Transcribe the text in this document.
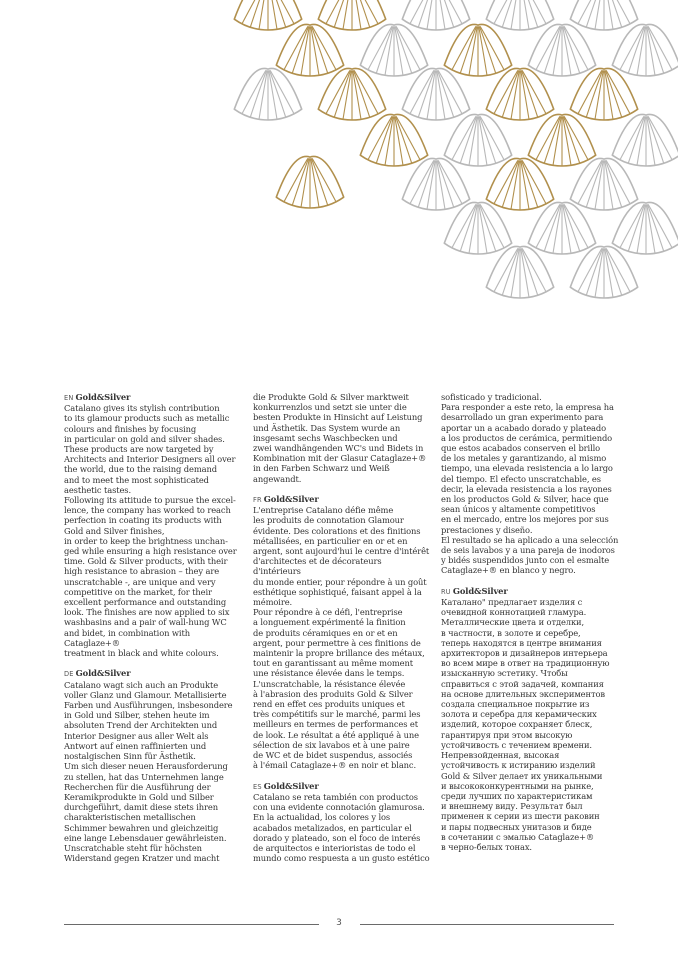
EN Gold&Silver
Catalano gives its stylish contribution
to its glamour products such as metallic
colours and finishes by focusing
in particular on gold and silver shades.
These products are now targeted by
Architects and Interior Designers all over
the world, due to the raising demand
and to meet the most sophisticated
aesthetic tastes.
Following its attitude to pursue the excel-
lence, the company has worked to reach
perfection in coating its products with
Gold and Silver finishes,
in order to keep the brightness unchan-
ged while ensuring a high resistance over
time. Gold & Silver products, with their
high resistance to abrasion – they are
unscratchable -, are unique and very
competitive on the market, for their
excellent performance and outstanding
look. The finishes are now applied to six
washbasins and a pair of wall-hung WC
and bidet, in combination with Cataglaze+®
treatment in black and white colours.
DE Gold&Silver
Catalano wagt sich auch an Produkte
voller Glanz und Glamour. Metallisierte
Farben und Ausführungen, insbesondere
in Gold und Silber, stehen heute im
absoluten Trend der Architekten und
Interior Designer aus aller Welt als
Antwort auf einen raffinierten und
nostalgischen Sinn für Ästhetik.
Um sich dieser neuen Herausforderung
zu stellen, hat das Unternehmen lange
Recherchen für die Ausführung der
Keramikprodukte in Gold und Silber
durchgeführt, damit diese stets ihren
charakteristischen metallischen
Schimmer bewahren und gleichzeitig
eine lange Lebensdauer gewährleisten.
Unscratchable steht für höchsten
Widerstand gegen Kratzer und macht
die Produkte Gold & Silver marktweit
konkurrenzlos und setzt sie unter die
besten Produkte in Hinsicht auf Leistung
und Ästhetik. Das System wurde an
insgesamt sechs Waschbecken und
zwei wandhängenden WC's und Bidets in
Kombination mit der Glasur Cataglaze+®
in den Farben Schwarz und Weiß
angewandt.
FR Gold&Silver
L'entreprise Catalano défie même
les produits de connotation Glamour
évidente. Des colorations et des finitions
métallisées, en particulier en or et en
argent, sont aujourd'hui le centre d'intérêt
d'architectes et de décorateurs d'intérieurs
du monde entier, pour répondre à un goût
esthétique sophistiqué, faisant appel à la
mémoire.
Pour répondre à ce défi, l'entreprise
a longuement expérimenté la finition
de produits céramiques en or et en
argent, pour permettre à ces finitions de
maintenir la propre brillance des métaux,
tout en garantissant au même moment
une résistance élevée dans le temps.
L'unscratchable, la résistance élevée
à l'abrasion des produits Gold & Silver
rend en effet ces produits uniques et
très compétitifs sur le marché, parmi les
meilleurs en termes de performances et
de look. Le résultat a été appliqué à une
sélection de six lavabos et à une paire
de WC et de bidet suspendus, associés
à l'émail Cataglaze+® en noir et blanc.
ES Gold&Silver
Catalano se reta también con productos
con una evidente connotación glamurosa.
En la actualidad, los colores y los
acabados metalizados, en particular el
dorado y plateado, son el foco de interés
de arquitectos e interioristas de todo el
mundo como respuesta a un gusto estético
sofisticado y tradicional.
Para responder a este reto, la empresa ha
desarrollado un gran experimento para
aportar un a acabado dorado y plateado
a los productos de cerámica, permitiendo
que estos acabados conserven el brillo
de los metales y garantizando, al mismo
tiempo, una elevada resistencia a lo largo
del tiempo. El efecto unscratchable, es
decir, la elevada resistencia a los rayones
en los productos Gold & Silver, hace que
sean únicos y altamente competitivos
en el mercado, entre los mejores por sus
prestaciones y diseño.
El resultado se ha aplicado a una selección
de seis lavabos y a una pareja de inodoros
y bidés suspendidos junto con el esmalte
Cataglaze+® en blanco y negro.
RU Gold&Silver
Каталано" предлагает изделия с
очевидной коннотацией гламура.
Металлические цвета и отделки,
в частности, в золоте и серебре,
теперь находятся в центре внимания
архитекторов и дизайнеров интерьера
во всем мире в ответ на традиционную
изысканную эстетику. Чтобы
справиться с этой задачей, компания
на основе длительных экспериментов
создала специальное покрытие из
золота и серебра для керамических
изделий, которое сохраняет блеск,
гарантируя при этом высокую
устойчивость с течением времени.
Непревзойденная, высокая
устойчивость к истиранию изделий
Gold & Silver делает их уникальными
и высококонкурентными на рынке,
среди лучших по характеристикам
и внешнему виду. Результат был
применен к серии из шести раковин
и пары подвесных унитазов и биде
в сочетании с эмалью Cataglaze+®
в черно-белых тонах.
3
